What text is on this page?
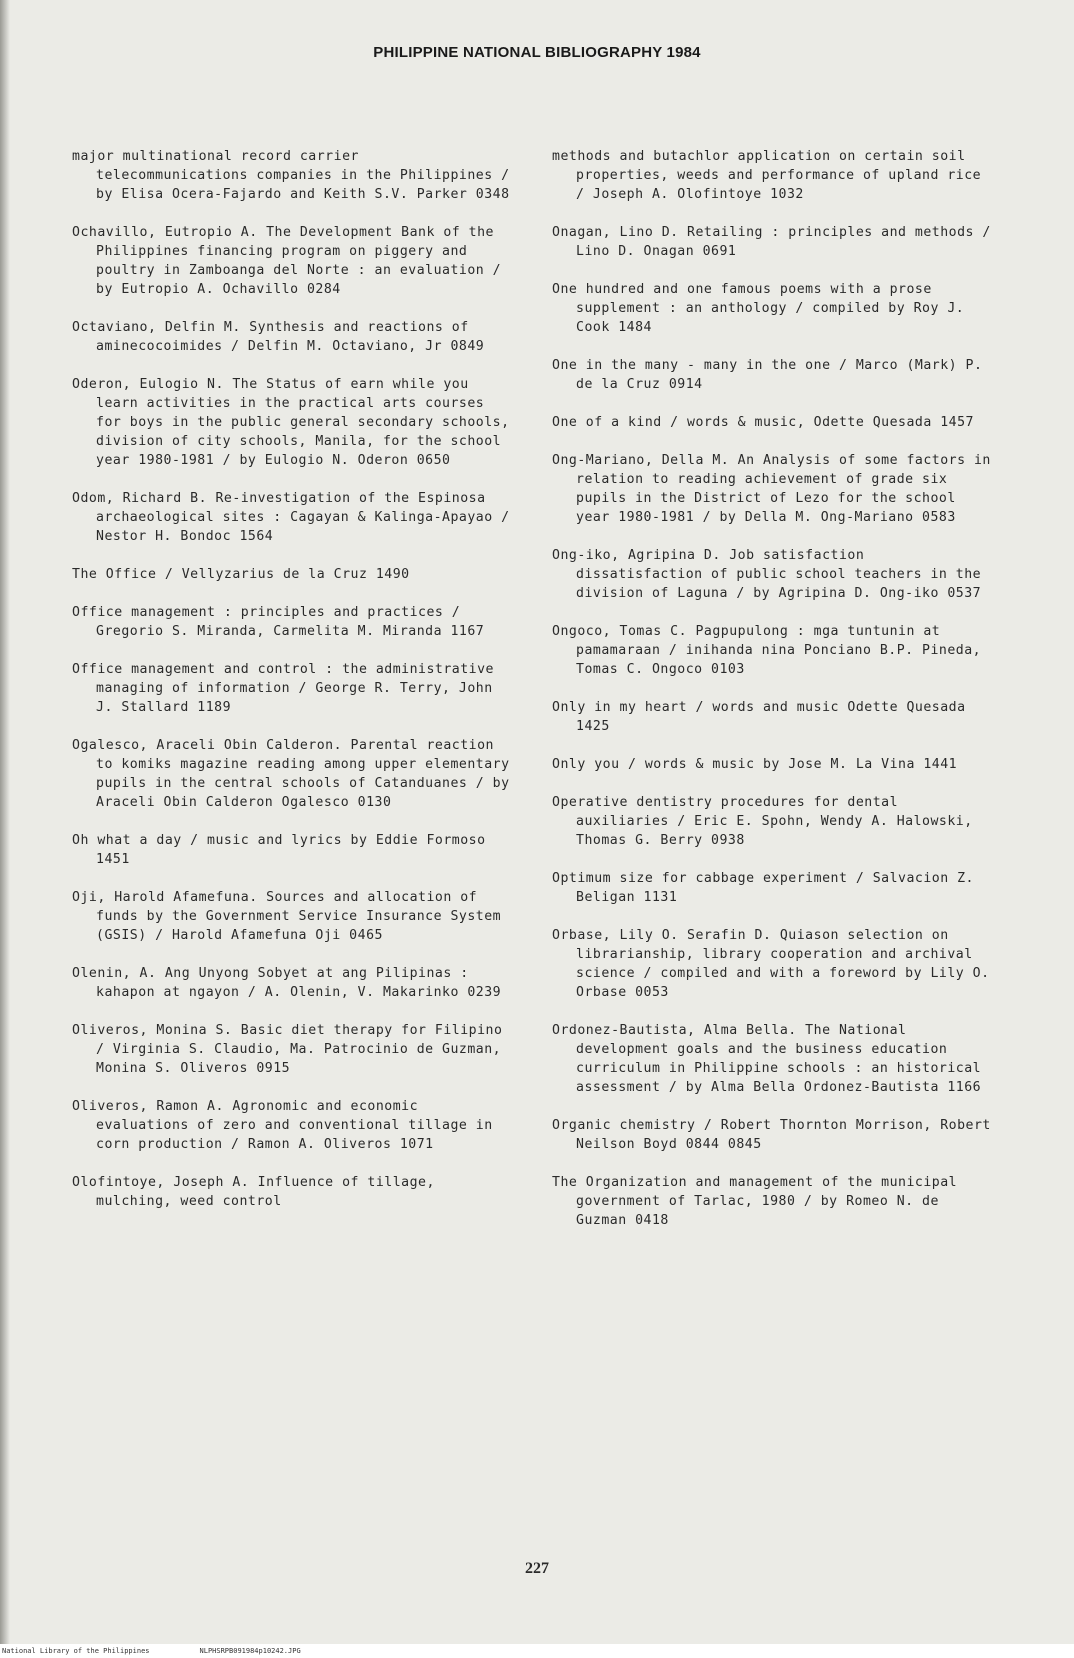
PHILIPPINE NATIONAL BIBLIOGRAPHY 1984
major multinational record carrier telecommunications companies in the Philippines / by Elisa Ocera-Fajardo and Keith S.V. Parker 0348
Ochavillo, Eutropio A. The Development Bank of the Philippines financing program on piggery and poultry in Zamboanga del Norte : an evaluation / by Eutropio A. Ochavillo 0284
Octaviano, Delfin M. Synthesis and reactions of aminecocoimides / Delfin M. Octaviano, Jr 0849
Oderon, Eulogio N. The Status of earn while you learn activities in the practical arts courses for boys in the public general secondary schools, division of city schools, Manila, for the school year 1980-1981 / by Eulogio N. Oderon 0650
Odom, Richard B. Re-investigation of the Espinosa archaeological sites : Cagayan & Kalinga-Apayao / Nestor H. Bondoc 1564
The Office / Vellyzarius de la Cruz 1490
Office management : principles and practices / Gregorio S. Miranda, Carmelita M. Miranda 1167
Office management and control : the administrative managing of information / George R. Terry, John J. Stallard 1189
Ogalesco, Araceli Obin Calderon. Parental reaction to komiks magazine reading among upper elementary pupils in the central schools of Catanduanes / by Araceli Obin Calderon Ogalesco 0130
Oh what a day / music and lyrics by Eddie Formoso 1451
Oji, Harold Afamefuna. Sources and allocation of funds by the Government Service Insurance System (GSIS) / Harold Afamefuna Oji 0465
Olenin, A. Ang Unyong Sobyet at ang Pilipinas : kahapon at ngayon / A. Olenin, V. Makarinko 0239
Oliveros, Monina S. Basic diet therapy for Filipino / Virginia S. Claudio, Ma. Patrocinio de Guzman, Monina S. Oliveros 0915
Oliveros, Ramon A. Agronomic and economic evaluations of zero and conventional tillage in corn production / Ramon A. Oliveros 1071
Olofintoye, Joseph A. Influence of tillage, mulching, weed control
methods and butachlor application on certain soil properties, weeds and performance of upland rice / Joseph A. Olofintoye 1032
Onagan, Lino D. Retailing : principles and methods / Lino D. Onagan 0691
One hundred and one famous poems with a prose supplement : an anthology / compiled by Roy J. Cook 1484
One in the many - many in the one / Marco (Mark) P. de la Cruz 0914
One of a kind / words & music, Odette Quesada 1457
Ong-Mariano, Della M. An Analysis of some factors in relation to reading achievement of grade six pupils in the District of Lezo for the school year 1980-1981 / by Della M. Ong-Mariano 0583
Ong-iko, Agripina D. Job satisfaction dissatisfaction of public school teachers in the division of Laguna / by Agripina D. Ong-iko 0537
Ongoco, Tomas C. Pagpupulong : mga tuntunin at pamamaraan / inihanda nina Ponciano B.P. Pineda, Tomas C. Ongoco 0103
Only in my heart / words and music Odette Quesada 1425
Only you / words & music by Jose M. La Vina 1441
Operative dentistry procedures for dental auxiliaries / Eric E. Spohn, Wendy A. Halowski, Thomas G. Berry 0938
Optimum size for cabbage experiment / Salvacion Z. Beligan 1131
Orbase, Lily O. Serafin D. Quiason selection on librarianship, library cooperation and archival science / compiled and with a foreword by Lily O. Orbase 0053
Ordonez-Bautista, Alma Bella. The National development goals and the business education curriculum in Philippine schools : an historical assessment / by Alma Bella Ordonez-Bautista 1166
Organic chemistry / Robert Thornton Morrison, Robert Neilson Boyd 0844 0845
The Organization and management of the municipal government of Tarlac, 1980 / by Romeo N. de Guzman 0418
227
National Library of the Philippines	NLPHSRPB091984p10242.JPG
